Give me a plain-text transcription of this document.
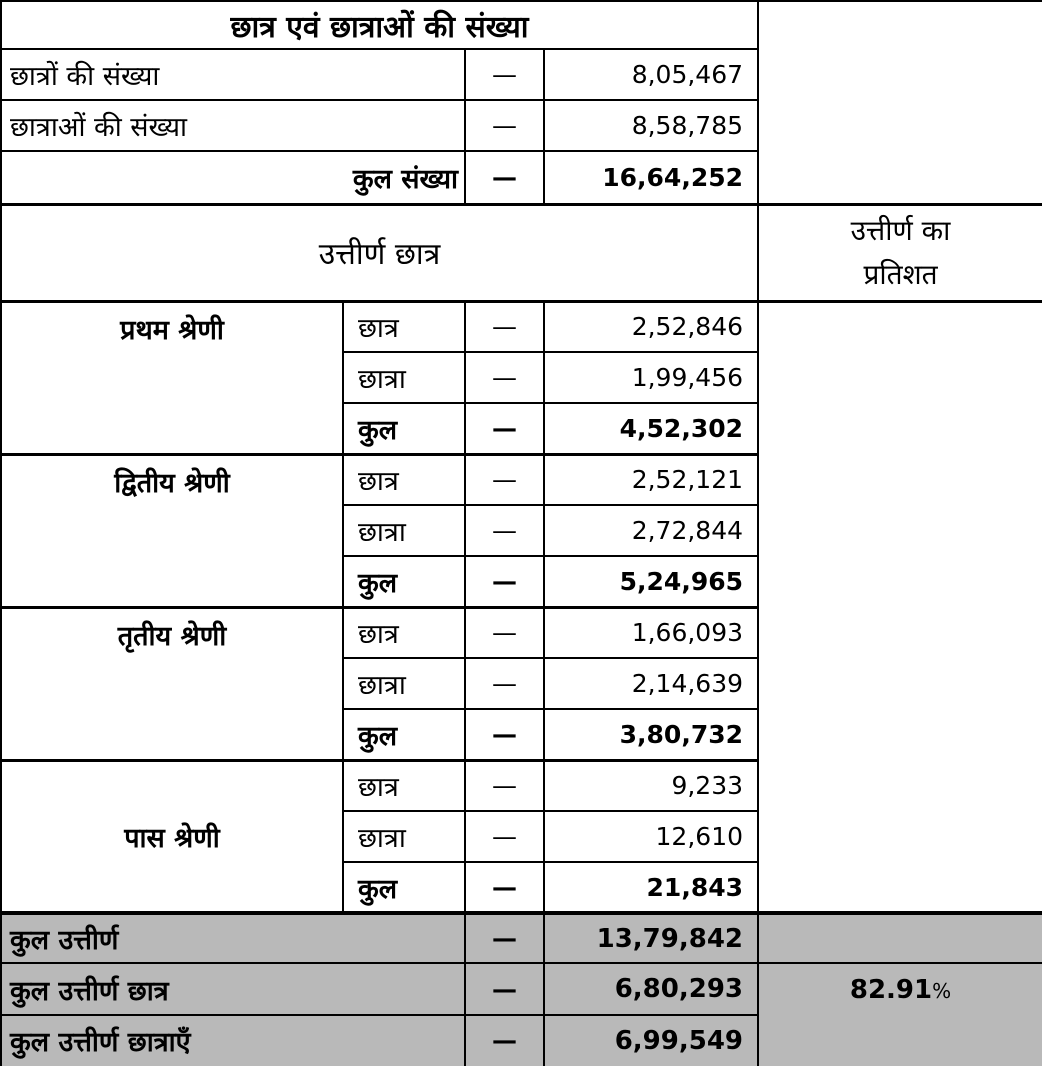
छात्र एवं छात्राओं की संख्या				
छात्रों की संख्या		—	8,05,467	
छात्राओं की संख्या		—	8,58,785	
कुल संख्या		—	16,64,252	
उत्तीर्ण छात्र				उत्तीर्ण का
प्रतिशत

प्रथम श्रेणी	छात्र	—	2,52,846	
	छात्रा	—	1,99,456	
	कुल	—	4,52,302	
द्वितीय श्रेणी	छात्र	—	2,52,121	
	छात्रा	—	2,72,844	
	कुल	—	5,24,965	
तृतीय श्रेणी	छात्र	—	1,66,093	
	छात्रा	—	2,14,639	
	कुल	—	3,80,732	
पास श्रेणी	छात्र	—	9,233	
	छात्रा	—	12,610	
	कुल	—	21,843	
कुल उत्तीर्ण		—	13,79,842	
कुल उत्तीर्ण छात्र		—	6,80,293	82.91%
कुल उत्तीर्ण छात्राएँ		—	6,99,549	
